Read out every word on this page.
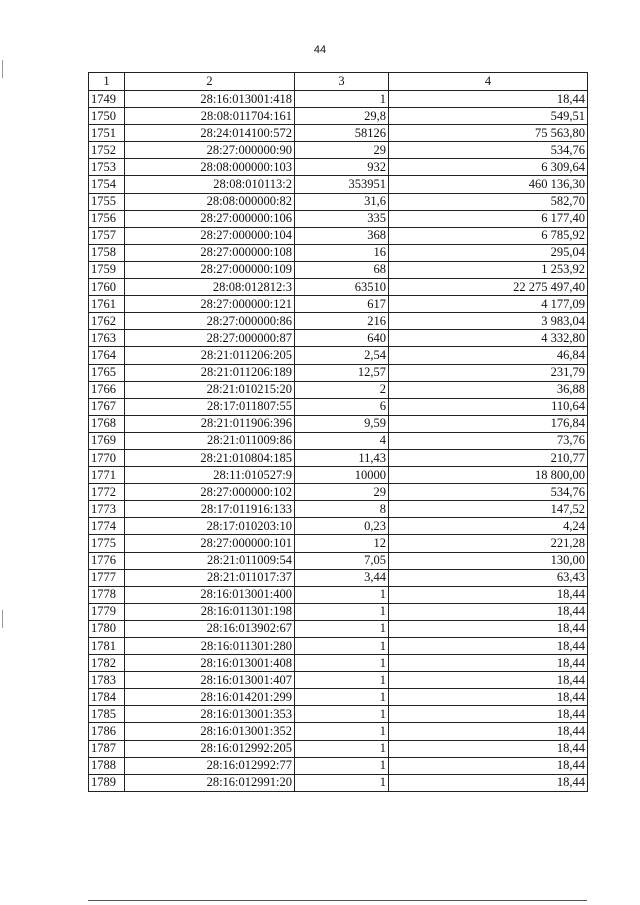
44
1	2	3	4
1749	28:16:013001:418	1	18,44
1750	28:08:011704:161	29,8	549,51
1751	28:24:014100:572	58126	75 563,80
1752	28:27:000000:90	29	534,76
1753	28:08:000000:103	932	6 309,64
1754	28:08:010113:2	353951	460 136,30
1755	28:08:000000:82	31,6	582,70
1756	28:27:000000:106	335	6 177,40
1757	28:27:000000:104	368	6 785,92
1758	28:27:000000:108	16	295,04
1759	28:27:000000:109	68	1 253,92
1760	28:08:012812:3	63510	22 275 497,40
1761	28:27:000000:121	617	4 177,09
1762	28:27:000000:86	216	3 983,04
1763	28:27:000000:87	640	4 332,80
1764	28:21:011206:205	2,54	46,84
1765	28:21:011206:189	12,57	231,79
1766	28:21:010215:20	2	36,88
1767	28:17:011807:55	6	110,64
1768	28:21:011906:396	9,59	176,84
1769	28:21:011009:86	4	73,76
1770	28:21:010804:185	11,43	210,77
1771	28:11:010527:9	10000	18 800,00
1772	28:27:000000:102	29	534,76
1773	28:17:011916:133	8	147,52
1774	28:17:010203:10	0,23	4,24
1775	28:27:000000:101	12	221,28
1776	28:21:011009:54	7,05	130,00
1777	28:21:011017:37	3,44	63,43
1778	28:16:013001:400	1	18,44
1779	28:16:011301:198	1	18,44
1780	28:16:013902:67	1	18,44
1781	28:16:011301:280	1	18,44
1782	28:16:013001:408	1	18,44
1783	28:16:013001:407	1	18,44
1784	28:16:014201:299	1	18,44
1785	28:16:013001:353	1	18,44
1786	28:16:013001:352	1	18,44
1787	28:16:012992:205	1	18,44
1788	28:16:012992:77	1	18,44
1789	28:16:012991:20	1	18,44
